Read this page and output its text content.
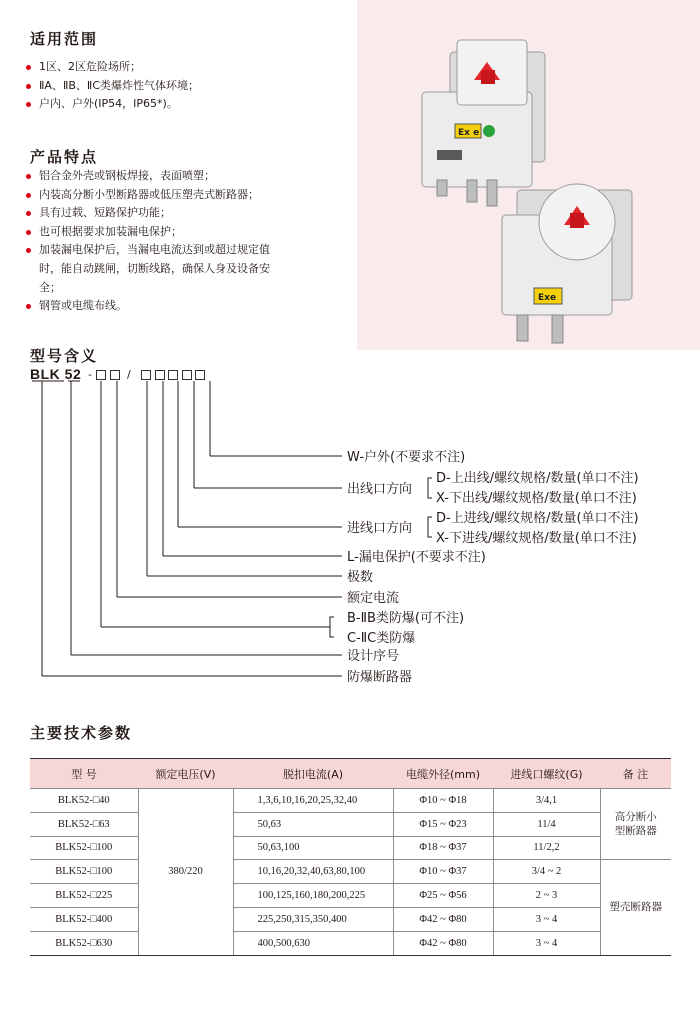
Ex e
Exe
适用范围
1区、2区危险场所；
ⅡA、ⅡB、ⅡC类爆炸性气体环境；
户内、户外(IP54，IP65*)。
产品特点
铝合金外壳或钢板焊接，表面喷塑；
内装高分断小型断路器或低压塑壳式断路器；
具有过载、短路保护功能；
也可根据要求加装漏电保护；
加装漏电保护后，当漏电电流达到或超过规定值
时，能自动跳闸，切断线路，确保人身及设备安
全；
钢管或电缆布线。
型号含义
BLK 52 -
	/

W-户外(不要求不注)
出线口方向
D-上出线/螺纹规格/数量(单口不注)
X-下出线/螺纹规格/数量(单口不注)
进线口方向
D-上进线/螺纹规格/数量(单口不注)
X-下进线/螺纹规格/数量(单口不注)
L-漏电保护(不要求不注)
极数
额定电流
B-ⅡB类防爆(可不注)
C-ⅡC类防爆
设计序号
防爆断路器
主要技术参数
型 号	额定电压(V)	脱扣电流(A)	电缆外径(mm)	进线口螺纹(G)	备 注
BLK52-□40	380/220	1,3,6,10,16,20,25,32,40	Φ10 ~ Φ18	3/4,1	高分断小型断路器

BLK52-□63		50,63	Φ15 ~ Φ23	11/4	
BLK52-□100		50,63,100	Φ18 ~ Φ37	11/2,2	
BLK52-□100		10,16,20,32,40,63,80,100	Φ10 ~ Φ37	3/4 ~ 2	塑壳断路器
BLK52-□225		100,125,160,180,200,225	Φ25 ~ Φ56	2 ~ 3	
BLK52-□400		225,250,315,350,400	Φ42 ~ Φ80	3 ~ 4	
BLK52-□630		400,500,630	Φ42 ~ Φ80	3 ~ 4	
